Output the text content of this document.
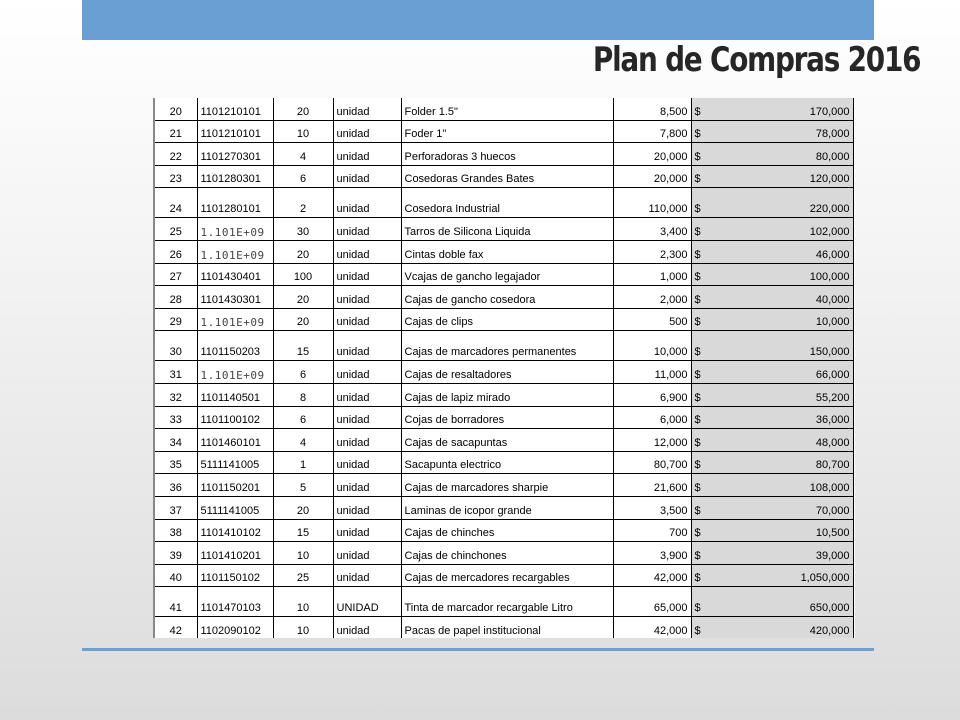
Plan de Compras 2016
20	1101210101	20	unidad	Folder 1.5"	8,500	$	170,000
21	1101210101	10	unidad	Foder 1"	7,800	$	78,000
22	1101270301	4	unidad	Perforadoras 3 huecos	20,000	$	80,000
23	1101280301	6	unidad	Cosedoras Grandes Bates	20,000	$	120,000
24	1101280101	2	unidad	Cosedora Industrial	110,000	$	220,000
25	1.101E+09	30	unidad	Tarros de Silicona Liquida	3,400	$	102,000
26	1.101E+09	20	unidad	Cintas doble fax	2,300	$	46,000
27	1101430401	100	unidad	Vcajas de gancho legajador	1,000	$	100,000
28	1101430301	20	unidad	Cajas de gancho cosedora	2,000	$	40,000
29	1.101E+09	20	unidad	Cajas de clips	500	$	10,000
30	1101150203	15	unidad	Cajas de marcadores permanentes	10,000	$	150,000
31	1.101E+09	6	unidad	Cajas de resaltadores	11,000	$	66,000
32	1101140501	8	unidad	Cajas de lapiz mirado	6,900	$	55,200
33	1101100102	6	unidad	Cojas de borradores	6,000	$	36,000
34	1101460101	4	unidad	Cajas de sacapuntas	12,000	$	48,000
35	5111141005	1	unidad	Sacapunta electrico	80,700	$	80,700
36	1101150201	5	unidad	Cajas de marcadores sharpie	21,600	$	108,000
37	5111141005	20	unidad	Laminas de icopor grande	3,500	$	70,000
38	1101410102	15	unidad	Cajas de chinches	700	$	10,500
39	1101410201	10	unidad	Cajas de chinchones	3,900	$	39,000
40	1101150102	25	unidad	Cajas de mercadores recargables	42,000	$	1,050,000
41	1101470103	10	UNIDAD	Tinta de marcador recargable Litro	65,000	$	650,000
42	1102090102	10	unidad	Pacas de papel institucional	42,000	$	420,000
